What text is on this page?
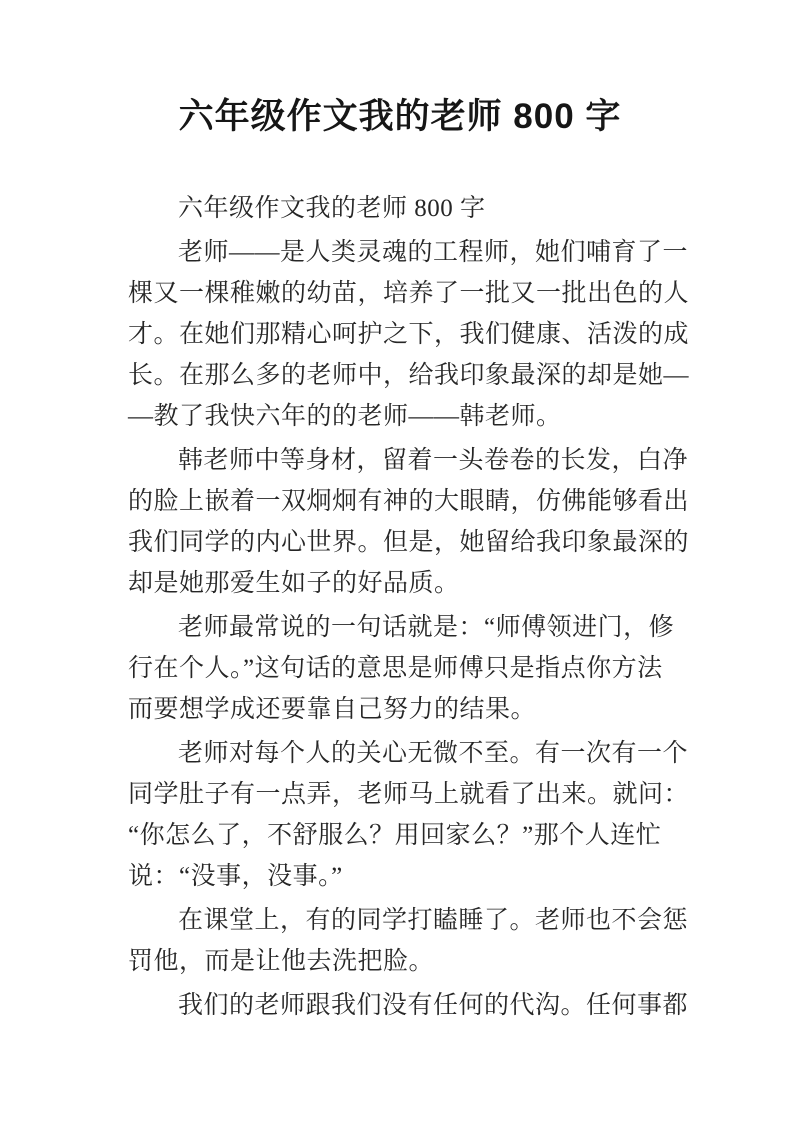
六年级作文我的老师 800 字
六年级作文我的老师 800 字
老师——是人类灵魂的工程师，她们哺育了一
棵又一棵稚嫩的幼苗，培养了一批又一批出色的人
才。在她们那精心呵护之下，我们健康、活泼的成
长。在那么多的老师中，给我印象最深的却是她—
—教了我快六年的的老师——韩老师。
韩老师中等身材，留着一头卷卷的长发，白净
的脸上嵌着一双炯炯有神的大眼睛，仿佛能够看出
我们同学的内心世界。但是，她留给我印象最深的
却是她那爱生如子的好品质。
老师最常说的一句话就是：“师傅领进门，修
行在个人。”这句话的意思是师傅只是指点你方法
而要想学成还要靠自己努力的结果。
老师对每个人的关心无微不至。有一次有一个
同学肚子有一点弄，老师马上就看了出来。就问：
“你怎么了，不舒服么？用回家么？”那个人连忙
说：“没事，没事。”
在课堂上，有的同学打瞌睡了。老师也不会惩
罚他，而是让他去洗把脸。
我们的老师跟我们没有任何的代沟。任何事都
